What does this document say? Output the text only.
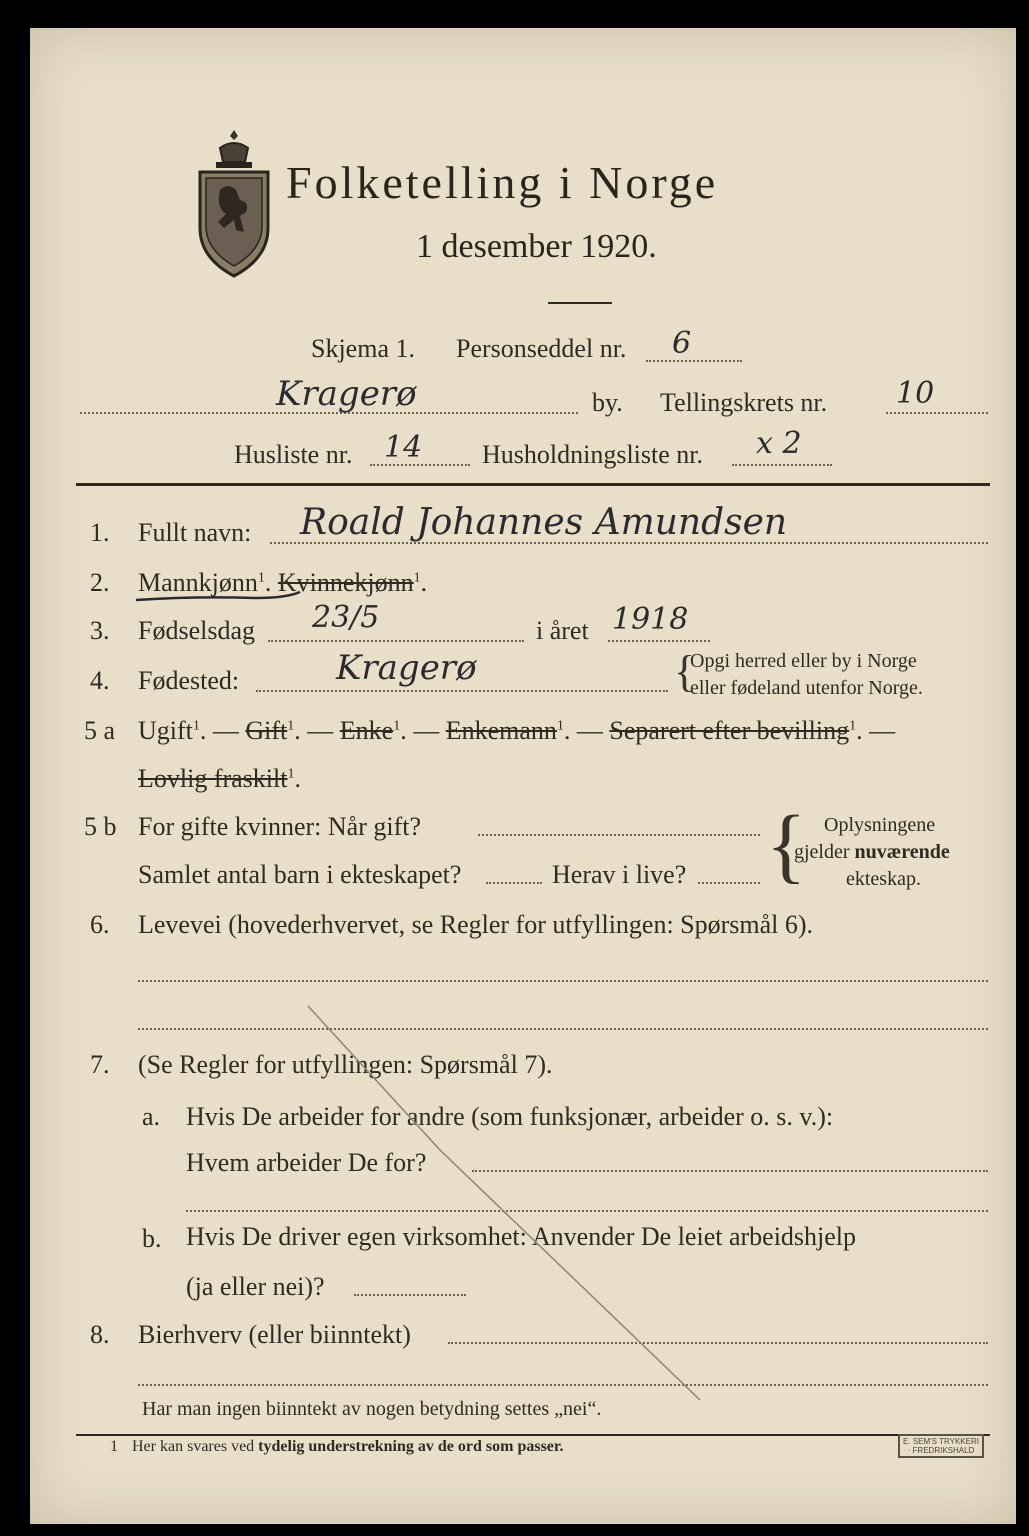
Folketelling i Norge
1 desember 1920.
Skjema 1. Personseddel nr. 6
Kragerø	by. Tellingskrets nr. 10
Husliste nr. 14 Husholdningsliste nr. x 2
1. Fullt navn: Roald Johannes Amundsen
2. Mannkjønn$^1$. Kvinnekjønn$^1$.
3. Fødselsdag 23/5	i året 1918
4. Fødested:	Kragerø	{
Opgi herred eller by i Norge
eller fødeland utenfor Norge.
5 a Ugift$^1$. — Gift$^1$. — Enke$^1$. — Enkemann$^1$. — Separert efter bevilling$^1$. —
Lovlig fraskilt$^1$.
5 b For gifte kvinner: Når gift?
Samlet antal barn i ekteskapet?	Herav i live? { Oplysningene
gjelder nuværende
ekteskap.
6. Levevei (hovederhvervet, se Regler for utfyllingen: Spørsmål 6).
7. (Se Regler for utfyllingen: Spørsmål 7).
a. Hvis De arbeider for andre (som funksjonær, arbeider o. s. v.):
Hvem arbeider De for?
b. Hvis De driver egen virksomhet: Anvender De leiet arbeidshjelp
(ja eller nei)?
8. Bierhverv (eller biinntekt)
Har man ingen biinntekt av nogen betydning settes „nei“.
1 Her kan svares ved tydelig understrekning av de ord som passer.	E. SEM'S TRYKKERI · FREDRIKSHALD
